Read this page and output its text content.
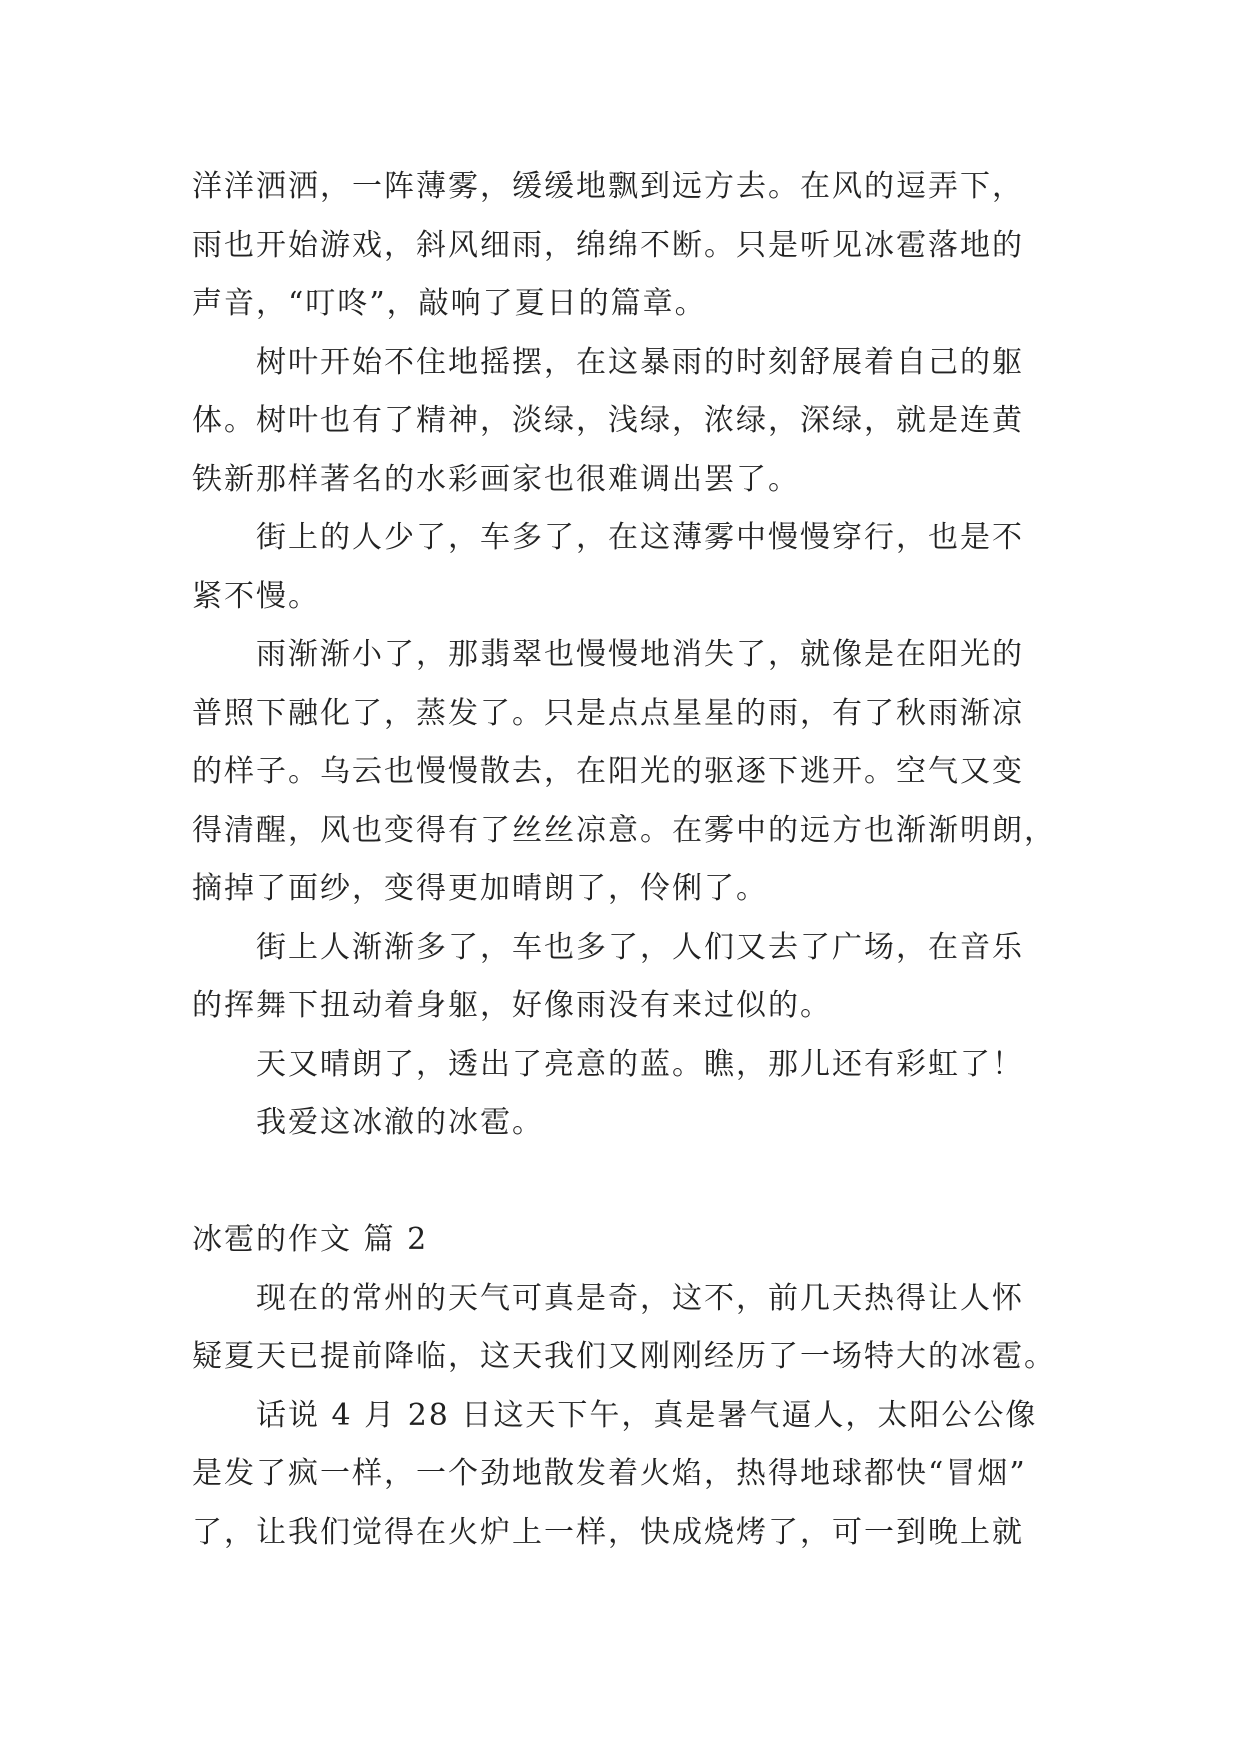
洋洋洒洒，一阵薄雾，缓缓地飘到远方去。在风的逗弄下，
雨也开始游戏，斜风细雨，绵绵不断。只是听见冰雹落地的
声音，“叮咚”，敲响了夏日的篇章。
树叶开始不住地摇摆，在这暴雨的时刻舒展着自己的躯
体。树叶也有了精神，淡绿，浅绿，浓绿，深绿，就是连黄
铁新那样著名的水彩画家也很难调出罢了。
街上的人少了，车多了，在这薄雾中慢慢穿行，也是不
紧不慢。
雨渐渐小了，那翡翠也慢慢地消失了，就像是在阳光的
普照下融化了，蒸发了。只是点点星星的雨，有了秋雨渐凉
的样子。乌云也慢慢散去，在阳光的驱逐下逃开。空气又变
得清醒，风也变得有了丝丝凉意。在雾中的远方也渐渐明朗，
摘掉了面纱，变得更加晴朗了，伶俐了。
街上人渐渐多了，车也多了，人们又去了广场，在音乐
的挥舞下扭动着身躯，好像雨没有来过似的。
天又晴朗了，透出了亮意的蓝。瞧，那儿还有彩虹了！
我爱这冰澈的冰雹。
冰雹的作文 篇 2
现在的常州的天气可真是奇，这不，前几天热得让人怀
疑夏天已提前降临，这天我们又刚刚经历了一场特大的冰雹。
话说 4 月 28 日这天下午，真是暑气逼人，太阳公公像
是发了疯一样，一个劲地散发着火焰，热得地球都快“冒烟”
了，让我们觉得在火炉上一样，快成烧烤了，可一到晚上就
